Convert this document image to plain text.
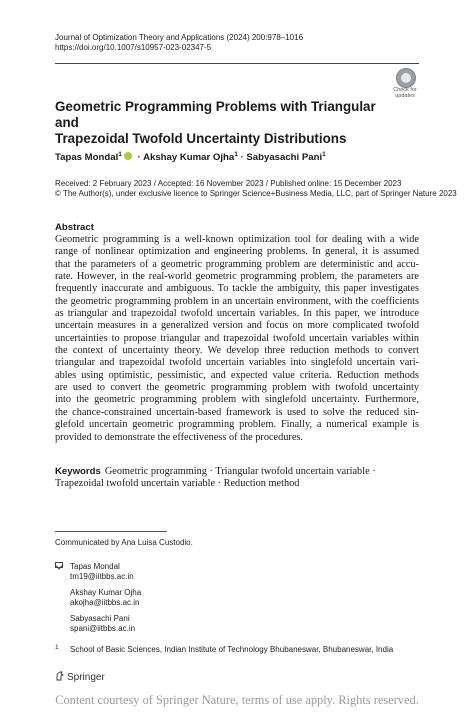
Journal of Optimization Theory and Applications (2024) 200:978–1016
https://doi.org/10.1007/s10957-023-02347-5
Check for
updates
Geometric Programming Problems with Triangular and
Trapezoidal Twofold Uncertainty Distributions
Tapas Mondal$^1$ · Akshay Kumar Ojha$^1$ · Sabyasachi Pani$^1$
Received: 2 February 2023 / Accepted: 16 November 2023 / Published online: 15 December 2023
© The Author(s), under exclusive licence to Springer Science+Business Media, LLC, part of Springer Nature 2023
Abstract
Geometric programming is a well-known optimization tool for dealing with a wide
range of nonlinear optimization and engineering problems. In general, it is assumed
that the parameters of a geometric programming problem are deterministic and accu-
rate. However, in the real-world geometric programming problem, the parameters are
frequently inaccurate and ambiguous. To tackle the ambiguity, this paper investigates
the geometric programming problem in an uncertain environment, with the coefficients
as triangular and trapezoidal twofold uncertain variables. In this paper, we introduce
uncertain measures in a generalized version and focus on more complicated twofold
uncertainties to propose triangular and trapezoidal twofold uncertain variables within
the context of uncertainty theory. We develop three reduction methods to convert
triangular and trapezoidal twofold uncertain variables into singlefold uncertain vari-
ables using optimistic, pessimistic, and expected value criteria. Reduction methods
are used to convert the geometric programming problem with twofold uncertainty
into the geometric programming problem with singlefold uncertainty. Furthermore,
the chance-constrained uncertain-based framework is used to solve the reduced sin-
glefold uncertain geometric programming problem. Finally, a numerical example is
provided to demonstrate the effectiveness of the procedures.
Keywords Geometric programming · Triangular twofold uncertain variable ·
Trapezoidal twofold uncertain variable · Reduction method
Communicated by Ana Luisa Custodio.
Tapas Mondal
tm19@iitbbs.ac.in
Akshay Kumar Ojha
akojha@iitbbs.ac.in
Sabyasachi Pani
spani@iitbbs.ac.in
1 School of Basic Sciences, Indian Institute of Technology Bhubaneswar, Bhubaneswar, India
Springer
Content courtesy of Springer Nature, terms of use apply. Rights reserved.
